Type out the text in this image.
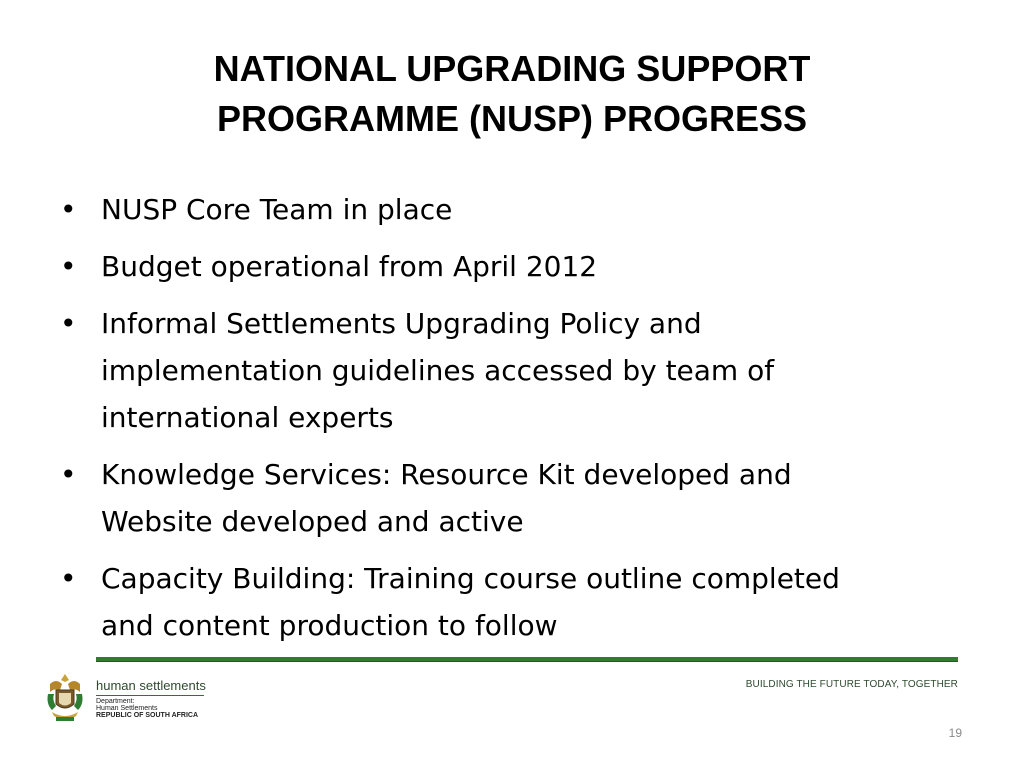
NATIONAL UPGRADING SUPPORT
PROGRAMME (NUSP) PROGRESS
• NUSP Core Team in place
• Budget operational from April 2012
• Informal Settlements Upgrading Policy and
implementation guidelines accessed by team of
international experts
• Knowledge Services: Resource Kit developed and
Website developed and active
• Capacity Building: Training course outline completed
and content production to follow
human settlements
Department:
Human Settlements
REPUBLIC OF SOUTH AFRICA
BUILDING THE FUTURE TODAY, TOGETHER
19
